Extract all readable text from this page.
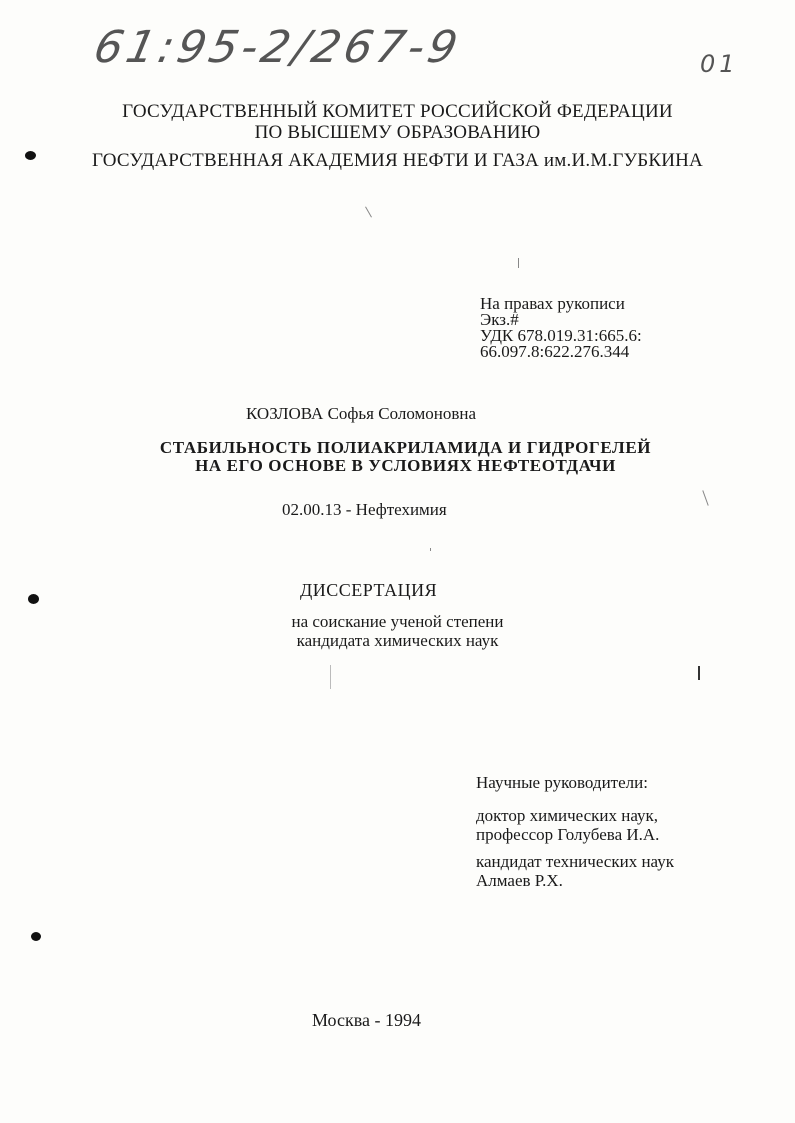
61:95-2/267-9	01
ГОСУДАРСТВЕННЫЙ КОМИТЕТ РОССИЙСКОЙ ФЕДЕРАЦИИ
ПО ВЫСШЕМУ ОБРАЗОВАНИЮ
ГОСУДАРСТВЕННАЯ АКАДЕМИЯ НЕФТИ И ГАЗА им.И.М.ГУБКИНА
На правах рукописи
Экз.#
УДК 678.019.31:665.6:
66.097.8:622.276.344
КОЗЛОВА Софья Соломоновна
СТАБИЛЬНОСТЬ ПОЛИАКРИЛАМИДА И ГИДРОГЕЛЕЙ
НА ЕГО ОСНОВЕ В УСЛОВИЯХ НЕФТЕОТДАЧИ
02.00.13 - Нефтехимия
ДИССЕРТАЦИЯ
на соискание ученой степени
кандидата химических наук
Научные руководители:
доктор химических наук,
профессор Голубева И.А.
кандидат технических наук
Алмаев Р.Х.
Москва - 1994
